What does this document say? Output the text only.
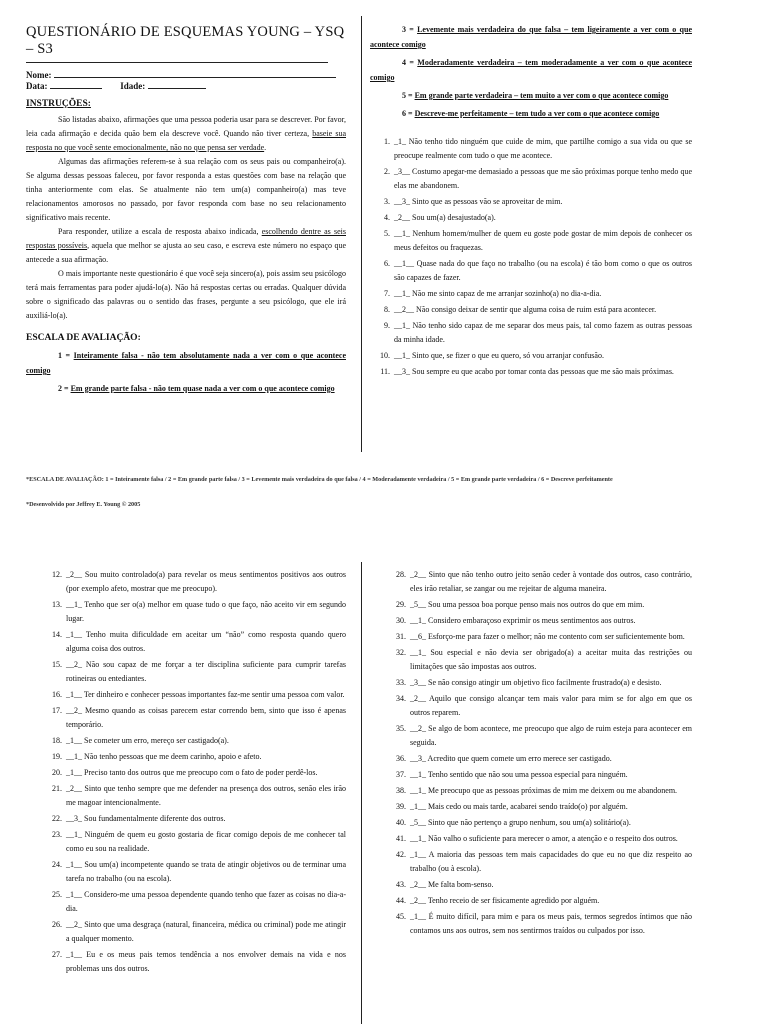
QUESTIONÁRIO DE ESQUEMAS YOUNG – YSQ – S3
Nome:
Data:	Idade:
INSTRUÇÕES:

São listadas abaixo, afirmações que uma pessoa poderia usar para se descrever. Por favor, leia cada afirmação e decida quão bem ela descreve você. Quando não tiver certeza, baseie sua resposta no que você sente emocionalmente, não no que pensa ser verdade.

Algumas das afirmações referem-se à sua relação com os seus pais ou companheiro(a). Se alguma dessas pessoas faleceu, por favor responda a estas questões com base na relação que tinha anteriormente com elas. Se atualmente não tem um(a) companheiro(a) mas teve relacionamentos amorosos no passado, por favor responda com base no seu relacionamento significativo mais recente.

Para responder, utilize a escala de resposta abaixo indicada, escolhendo dentre as seis respostas possíveis, aquela que melhor se ajusta ao seu caso, e escreva este número no espaço que antecede a sua afirmação.

O mais importante neste questionário é que você seja sincero(a), pois assim seu psicólogo terá mais ferramentas para poder ajudá-lo(a). Não há respostas certas ou erradas. Qualquer dúvida sobre o significado das palavras ou o sentido das frases, pergunte a seu psicólogo, que ele irá auxiliá-lo(a).

ESCALA DE AVALIAÇÃO:

1 = Inteiramente falsa - não tem absolutamente nada a ver com o que acontece comigo

2 = Em grande parte falsa - não tem quase nada a ver com o que acontece comigo

3 = Levemente mais verdadeira do que falsa – tem ligeiramente a ver com o que acontece comigo

4 = Moderadamente verdadeira – tem moderadamente a ver com o que acontece comigo

5 = Em grande parte verdadeira – tem muito a ver com o que acontece comigo

6 = Descreve-me perfeitamente – tem tudo a ver com o que acontece comigo

1. _1_ Não tenho tido ninguém que cuide de mim, que partilhe comigo a sua vida ou que se preocupe realmente com tudo o que me acontece.
2. _3__ Costumo apegar-me demasiado a pessoas que me são próximas porque tenho medo que elas me abandonem.
3. __3_ Sinto que as pessoas vão se aproveitar de mim.
4. _2__ Sou um(a) desajustado(a).
5. __1_ Nenhum homem/mulher de quem eu goste pode gostar de mim depois de conhecer os meus defeitos ou fraquezas.
6. __1__ Quase nada do que faço no trabalho (ou na escola) é tão bom como o que os outros são capazes de fazer.
7. __1_ Não me sinto capaz de me arranjar sozinho(a) no dia-a-dia.
8. __2__ Não consigo deixar de sentir que alguma coisa de ruim está para acontecer.
9. __1_ Não tenho sido capaz de me separar dos meus pais, tal como fazem as outras pessoas da minha idade.
10. __1_ Sinto que, se fizer o que eu quero, só vou arranjar confusão.
11. __3_ Sou sempre eu que acabo por tomar conta das pessoas que me são mais próximas.
*ESCALA DE AVALIAÇÃO: 1 = Inteiramente falsa / 2 = Em grande parte falsa / 3 = Levemente mais verdadeira do que falsa / 4 = Moderadamente verdadeira / 5 = Em grande parte verdadeira / 6 = Descreve perfeitamente
*Desenvolvido por Jeffrey E. Young © 2005
12. _2__ Sou muito controlado(a) para revelar os meus sentimentos positivos aos outros (por exemplo afeto, mostrar que me preocupo).
13. __1_ Tenho que ser o(a) melhor em quase tudo o que faço, não aceito vir em segundo lugar.
14. _1__ Tenho muita dificuldade em aceitar um “não” como resposta quando quero alguma coisa dos outros.
15. __2_ Não sou capaz de me forçar a ter disciplina suficiente para cumprir tarefas rotineiras ou entediantes.
16. _1__ Ter dinheiro e conhecer pessoas importantes faz-me sentir uma pessoa com valor.
17. __2_ Mesmo quando as coisas parecem estar correndo bem, sinto que isso é apenas temporário.
18. _1__ Se cometer um erro, mereço ser castigado(a).
19. __1_ Não tenho pessoas que me deem carinho, apoio e afeto.
20. _1__ Preciso tanto dos outros que me preocupo com o fato de poder perdê-los.
21. _2__ Sinto que tenho sempre que me defender na presença dos outros, senão eles irão me magoar intencionalmente.
22. __3_ Sou fundamentalmente diferente dos outros.
23. __1_ Ninguém de quem eu gosto gostaria de ficar comigo depois de me conhecer tal como eu sou na realidade.
24. _1__ Sou um(a) incompetente quando se trata de atingir objetivos ou de terminar uma tarefa no trabalho (ou na escola).
25. _1__ Considero-me uma pessoa dependente quando tenho que fazer as coisas no dia-a-dia.
26. __2_ Sinto que uma desgraça (natural, financeira, médica ou criminal) pode me atingir a qualquer momento.
27. _1__ Eu e os meus pais temos tendência a nos envolver demais na vida e nos problemas uns dos outros.
28. _2__ Sinto que não tenho outro jeito senão ceder à vontade dos outros, caso contrário, eles irão retaliar, se zangar ou me rejeitar de alguma maneira.
29. _5__ Sou uma pessoa boa porque penso mais nos outros do que em mim.
30. __1_ Considero embaraçoso exprimir os meus sentimentos aos outros.
31. __6_ Esforço-me para fazer o melhor; não me contento com ser suficientemente bom.
32. __1_ Sou especial e não devia ser obrigado(a) a aceitar muita das restrições ou limitações que são impostas aos outros.
33. _3__ Se não consigo atingir um objetivo fico facilmente frustrado(a) e desisto.
34. _2__ Aquilo que consigo alcançar tem mais valor para mim se for algo em que os outros reparem.
35. __2_ Se algo de bom acontece, me preocupo que algo de ruim esteja para acontecer em seguida.
36. __3_ Acredito que quem comete um erro merece ser castigado.
37. __1_ Tenho sentido que não sou uma pessoa especial para ninguém.
38. __1_ Me preocupo que as pessoas próximas de mim me deixem ou me abandonem.
39. _1__ Mais cedo ou mais tarde, acabarei sendo traído(o) por alguém.
40. _5__ Sinto que não pertenço a grupo nenhum, sou um(a) solitário(a).
41. __1_ Não valho o suficiente para merecer o amor, a atenção e o respeito dos outros.
42. _1__ A maioria das pessoas tem mais capacidades do que eu no que diz respeito ao trabalho (ou à escola).
43. _2__ Me falta bom-senso.
44. _2__ Tenho receio de ser fisicamente agredido por alguém.
45. _1__ É muito difícil, para mim e para os meus pais, termos segredos íntimos que não contamos uns aos outros, sem nos sentirmos traídos ou culpados por isso.
